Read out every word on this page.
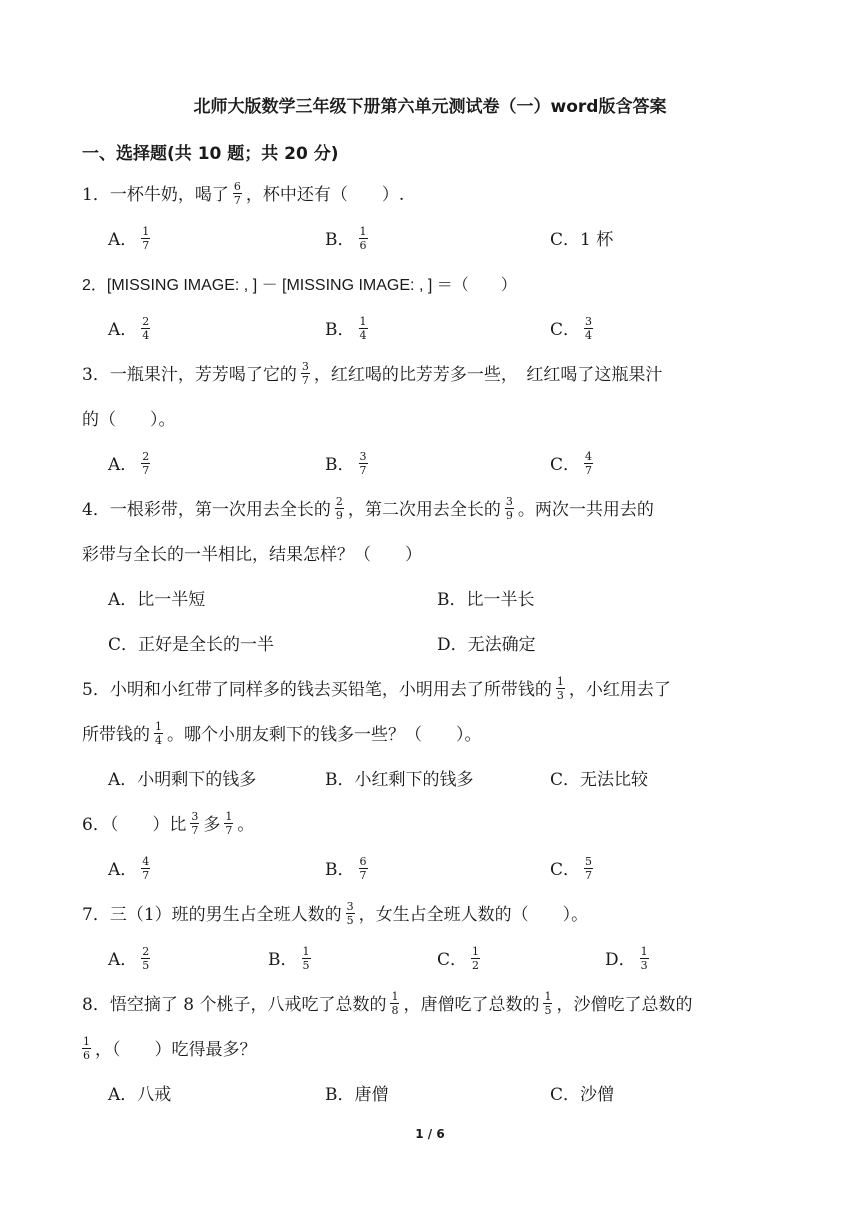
北师大版数学三年级下册第六单元测试卷（一）word版含答案
一、选择题(共 10 题；共 20 分)
1．一杯牛奶，喝了 $\frac{6}{7}$ ，杯中还有（　　）.
A． $\frac{1}{7}$	B． $\frac{1}{6}$	C．1 杯
2．[MISSING IMAGE: , ] － [MISSING IMAGE: , ] ＝（　　）
A． $\frac{2}{4}$	B． $\frac{1}{4}$	C． $\frac{3}{4}$
3．一瓶果汁，芳芳喝了它的 $\frac{3}{7}$ ，红红喝的比芳芳多一些，　红红喝了这瓶果汁
的（　　）。
A． $\frac{2}{7}$	B． $\frac{3}{7}$	C． $\frac{4}{7}$
4．一根彩带，第一次用去全长的 $\frac{2}{9}$ ，第二次用去全长的 $\frac{3}{9}$ 。两次一共用去的
彩带与全长的一半相比，结果怎样？（　　）
A．比一半短	B．比一半长
C．正好是全长的一半	D．无法确定
5．小明和小红带了同样多的钱去买铅笔，小明用去了所带钱的 $\frac{1}{3}$ ，小红用去了
所带钱的 $\frac{1}{4}$ 。哪个小朋友剩下的钱多一些？（　　）。
A．小明剩下的钱多	B．小红剩下的钱多	C．无法比较
6．（　　）比 $\frac{3}{7}$ 多 $\frac{1}{7}$ 。
A． $\frac{4}{7}$	B． $\frac{6}{7}$	C． $\frac{5}{7}$
7．三（1）班的男生占全班人数的 $\frac{3}{5}$ ，女生占全班人数的（　　）。
A． $\frac{2}{5}$	B． $\frac{1}{5}$	C． $\frac{1}{2}$	D． $\frac{1}{3}$
8．悟空摘了 8 个桃子，八戒吃了总数的 $\frac{1}{8}$ ，唐僧吃了总数的 $\frac{1}{5}$ ，沙僧吃了总数的
$\frac{1}{6}$ ，（　　）吃得最多？
A．八戒	B．唐僧	C．沙僧
1 / 6
